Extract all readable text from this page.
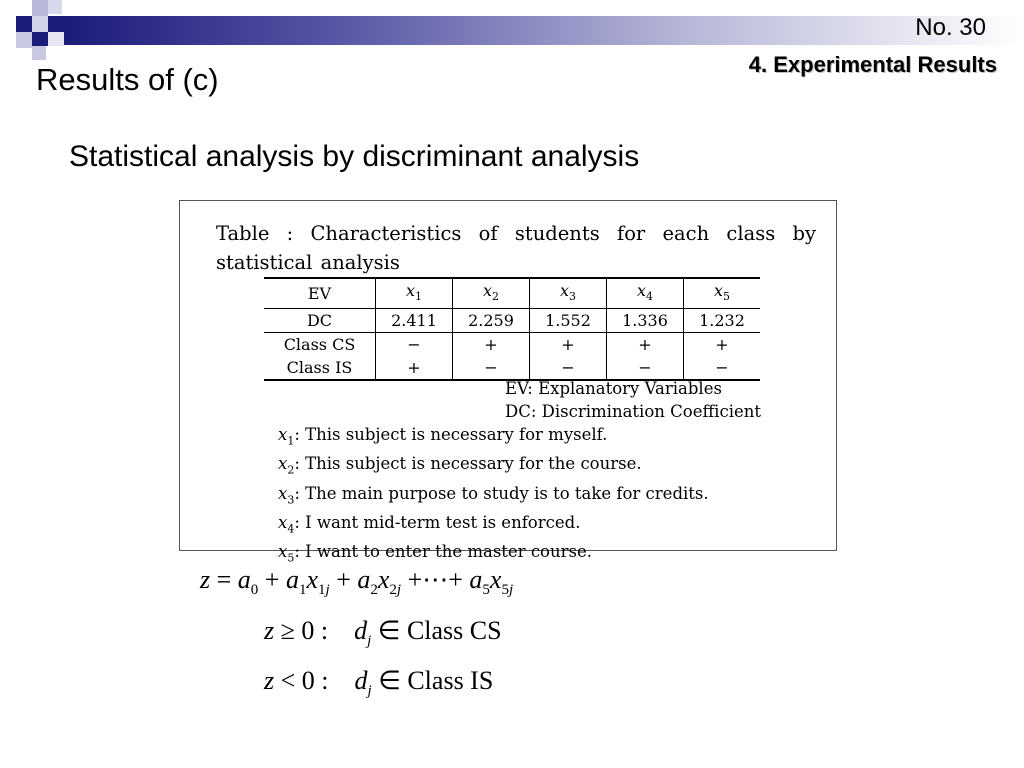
No. 30
4. Experimental Results
Results of (c)
Statistical analysis by discriminant analysis
Table : Characteristics of students for each class by statistical analysis
EV	$x_1$	$x_2$	$x_3$	$x_4$	$x_5$
DC	2.411	2.259	1.552	1.336	1.232
Class CS	−	+	+	+	+
Class IS	+	−	−	−	−
EV: Explanatory Variables
DC: Discrimination Coefficient
$x_1$: This subject is necessary for myself.
$x_2$: This subject is necessary for the course.
$x_3$: The main purpose to study is to take for credits.
$x_4$: I want mid-term test is enforced.
$x_5$: I want to enter the master course.
$z = a_0 + a_1x_{1j} + a_2x_{2j}$ +⋯+ $a_5x_{5j}$
z ≥ 0 :    $d_j$ ∈ Class CS
z < 0 :    $d_j$ ∈ Class IS
